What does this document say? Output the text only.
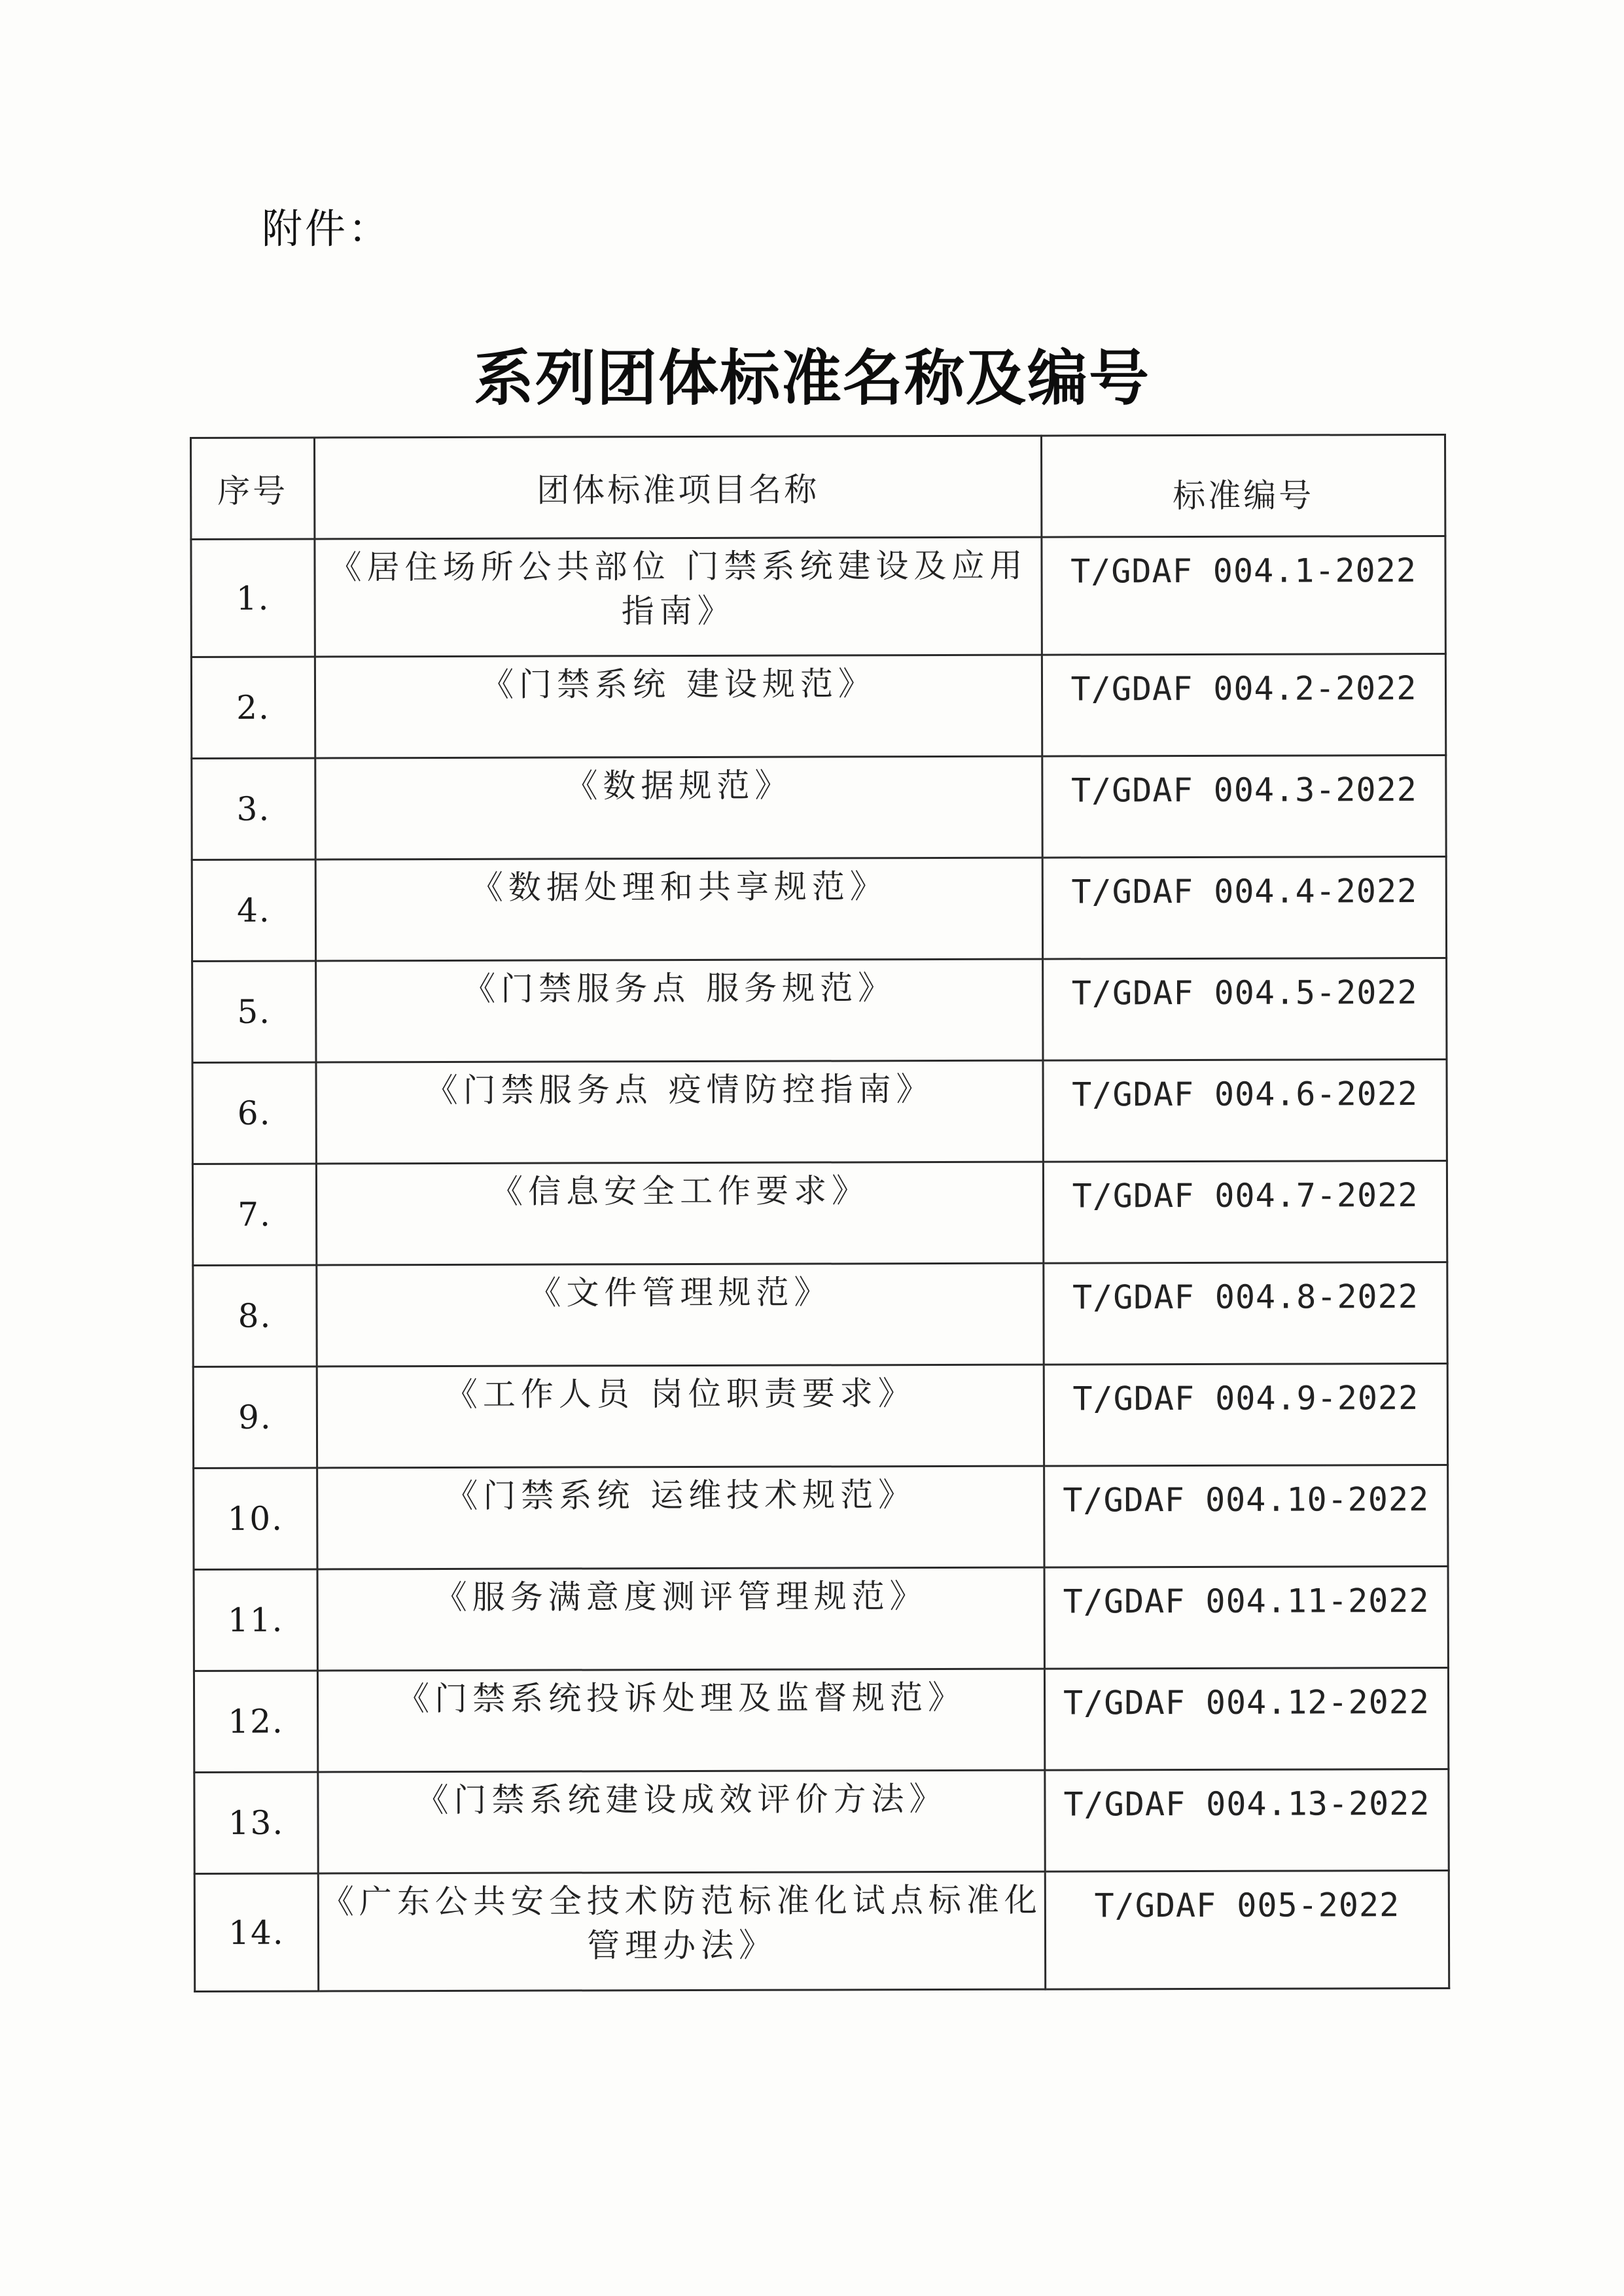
附件：
系列团体标准名称及编号
序号	团体标准项目名称	标准编号
1.	《居住场所公共部位 门禁系统建设及应用指南》	T/GDAF 004.1-2022
2.	《门禁系统 建设规范》	T/GDAF 004.2-2022
3.	《数据规范》	T/GDAF 004.3-2022
4.	《数据处理和共享规范》	T/GDAF 004.4-2022
5.	《门禁服务点 服务规范》	T/GDAF 004.5-2022
6.	《门禁服务点 疫情防控指南》	T/GDAF 004.6-2022
7.	《信息安全工作要求》	T/GDAF 004.7-2022
8.	《文件管理规范》	T/GDAF 004.8-2022
9.	《工作人员 岗位职责要求》	T/GDAF 004.9-2022
10.	《门禁系统 运维技术规范》	T/GDAF 004.10-2022
11.	《服务满意度测评管理规范》	T/GDAF 004.11-2022
12.	《门禁系统投诉处理及监督规范》	T/GDAF 004.12-2022
13.	《门禁系统建设成效评价方法》	T/GDAF 004.13-2022
14.	《广东公共安全技术防范标准化试点标准化管理办法》	T/GDAF 005-2022
